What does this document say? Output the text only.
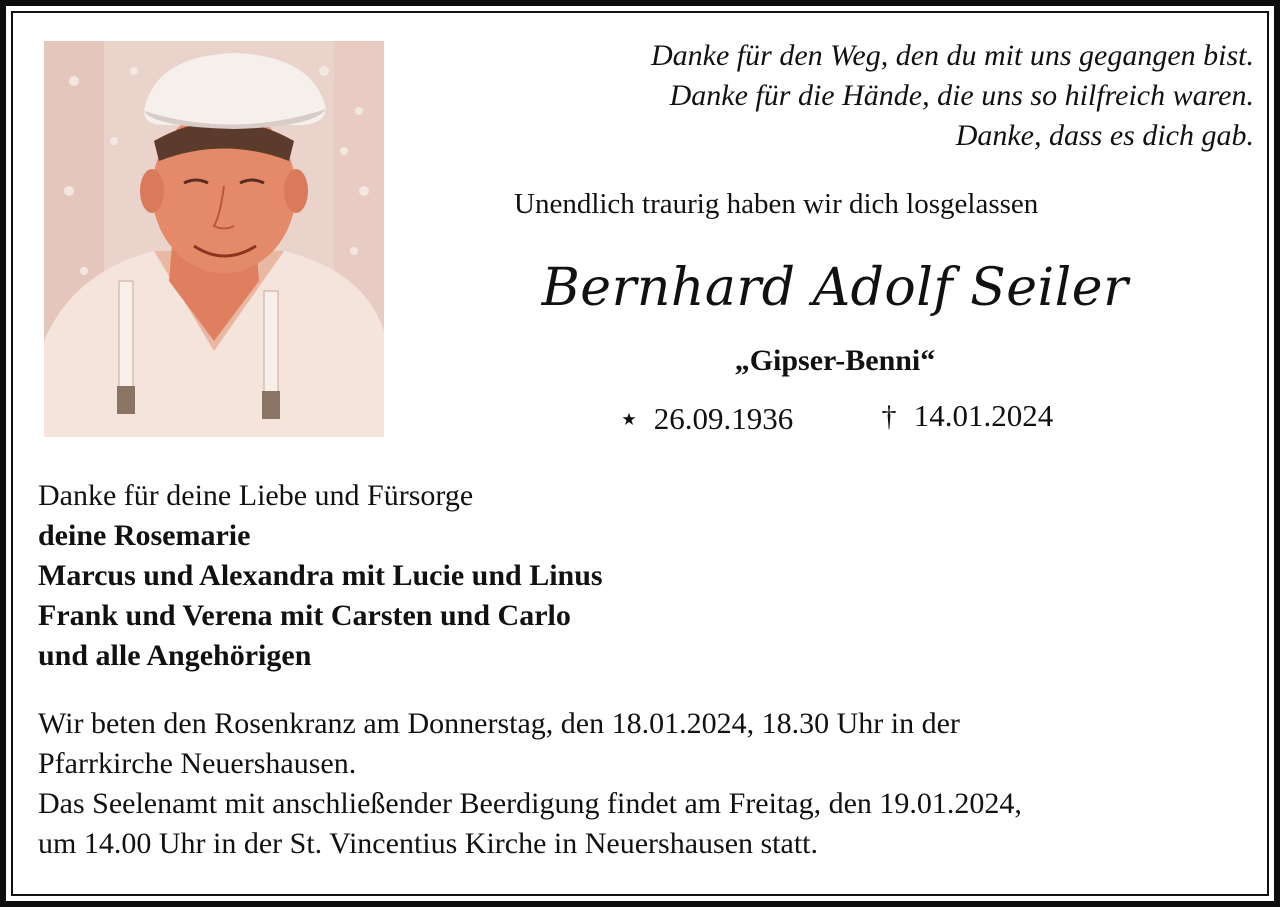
Danke für den Weg, den du mit uns gegangen bist.
Danke für die Hände, die uns so hilfreich waren.
Danke, dass es dich gab.
Unendlich traurig haben wir dich losgelassen
Bernhard Adolf Seiler
„Gipser-Benni“
⋆ 26.09.1936	† 14.01.2024
Danke für deine Liebe und Fürsorge
deine Rosemarie
Marcus und Alexandra mit Lucie und Linus
Frank und Verena mit Carsten und Carlo
und alle Angehörigen
Wir beten den Rosenkranz am Donnerstag, den 18.01.2024, 18.30 Uhr in der
Pfarrkirche Neuershausen.
Das Seelenamt mit anschließender Beerdigung findet am Freitag, den 19.01.2024,
um 14.00 Uhr in der St. Vincentius Kirche in Neuershausen statt.
